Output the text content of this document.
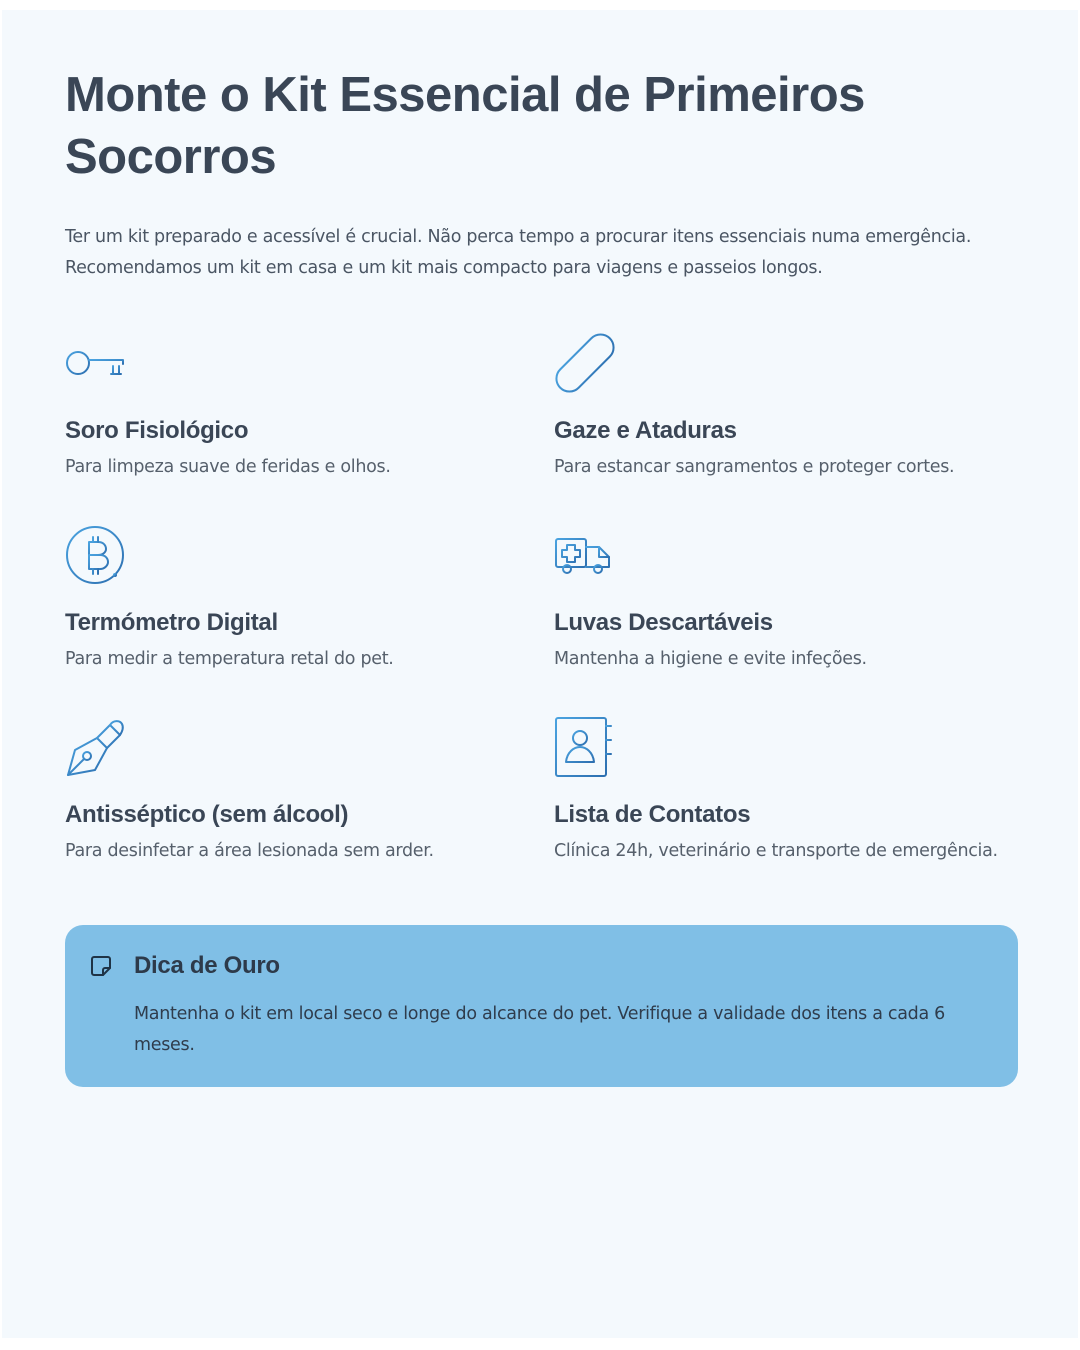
Monte o Kit Essencial de Primeiros Socorros

Ter um kit preparado e acessível é crucial. Não perca tempo a procurar itens essenciais numa emergência. Recomendamos um kit em casa e um kit mais compacto para viagens e passeios longos.

Soro Fisiológico

Para limpeza suave de feridas e olhos.

Gaze e Ataduras

Para estancar sangramentos e proteger cortes.

Termómetro Digital

Para medir a temperatura retal do pet.

Luvas Descartáveis

Mantenha a higiene e evite infeções.

Antisséptico (sem álcool)

Para desinfetar a área lesionada sem arder.

Lista de Contatos

Clínica 24h, veterinário e transporte de emergência.

Dica de Ouro

Mantenha o kit em local seco e longe do alcance do pet. Verifique a validade dos itens a cada 6 meses.
